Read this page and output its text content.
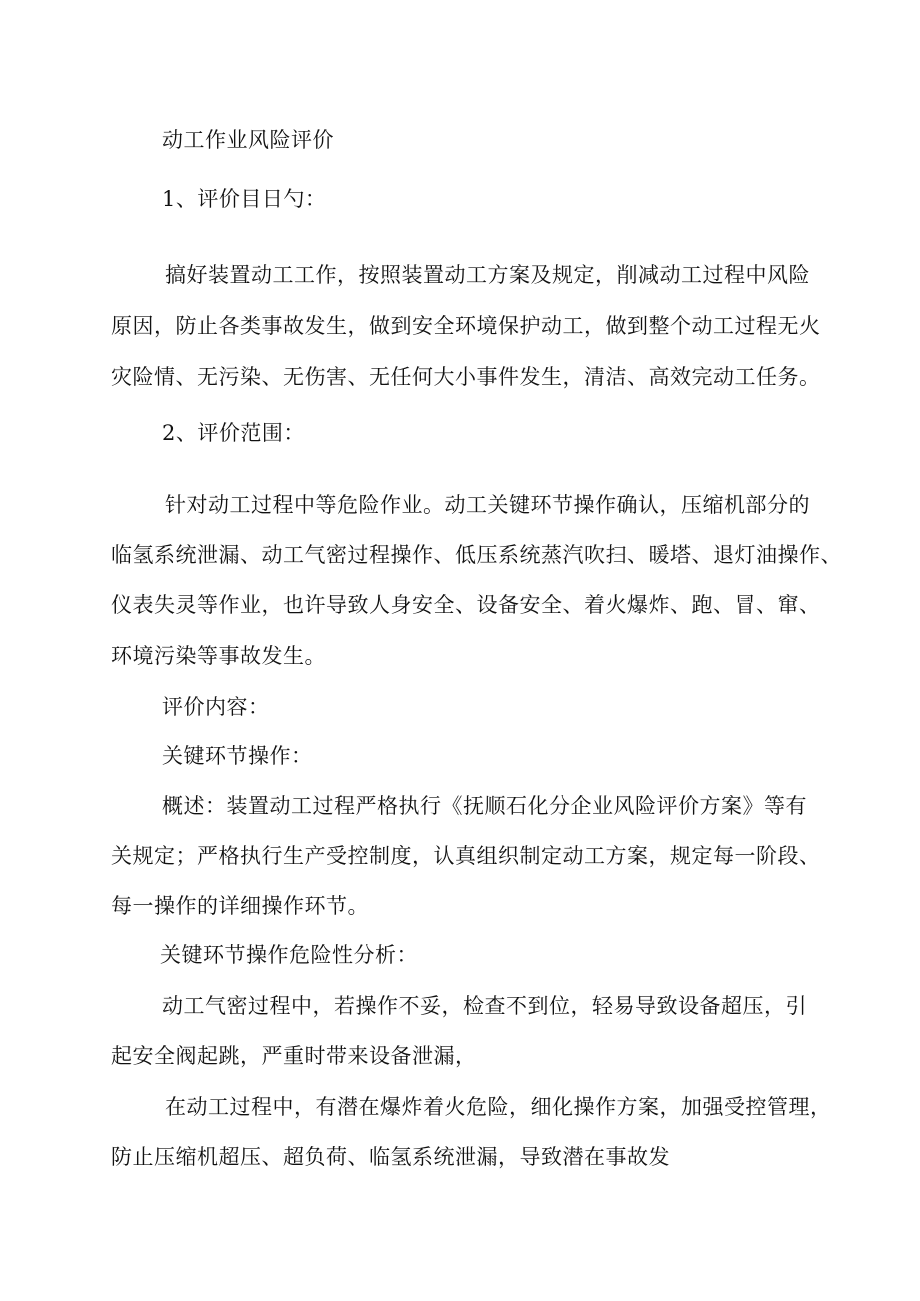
动工作业风险评价
1、评价目日勺：
搞好装置动工工作，按照装置动工方案及规定，削减动工过程中风险
原因，防止各类事故发生，做到安全环境保护动工，做到整个动工过程无火
灾险情、无污染、无伤害、无任何大小事件发生，清洁、高效完动工任务。
2、评价范围：
针对动工过程中等危险作业。动工关键环节操作确认，压缩机部分的
临氢系统泄漏、动工气密过程操作、低压系统蒸汽吹扫、暖塔、退灯油操作、
仪表失灵等作业，也许导致人身安全、设备安全、着火爆炸、跑、冒、窜、
环境污染等事故发生。
评价内容：
关键环节操作：
概述：装置动工过程严格执行《抚顺石化分企业风险评价方案》等有
关规定；严格执行生产受控制度，认真组织制定动工方案，规定每一阶段、
每一操作的详细操作环节。
关键环节操作危险性分析：
动工气密过程中，若操作不妥，检查不到位，轻易导致设备超压，引
起安全阀起跳，严重时带来设备泄漏，
在动工过程中，有潜在爆炸着火危险，细化操作方案，加强受控管理，
防止压缩机超压、超负荷、临氢系统泄漏，导致潜在事故发
